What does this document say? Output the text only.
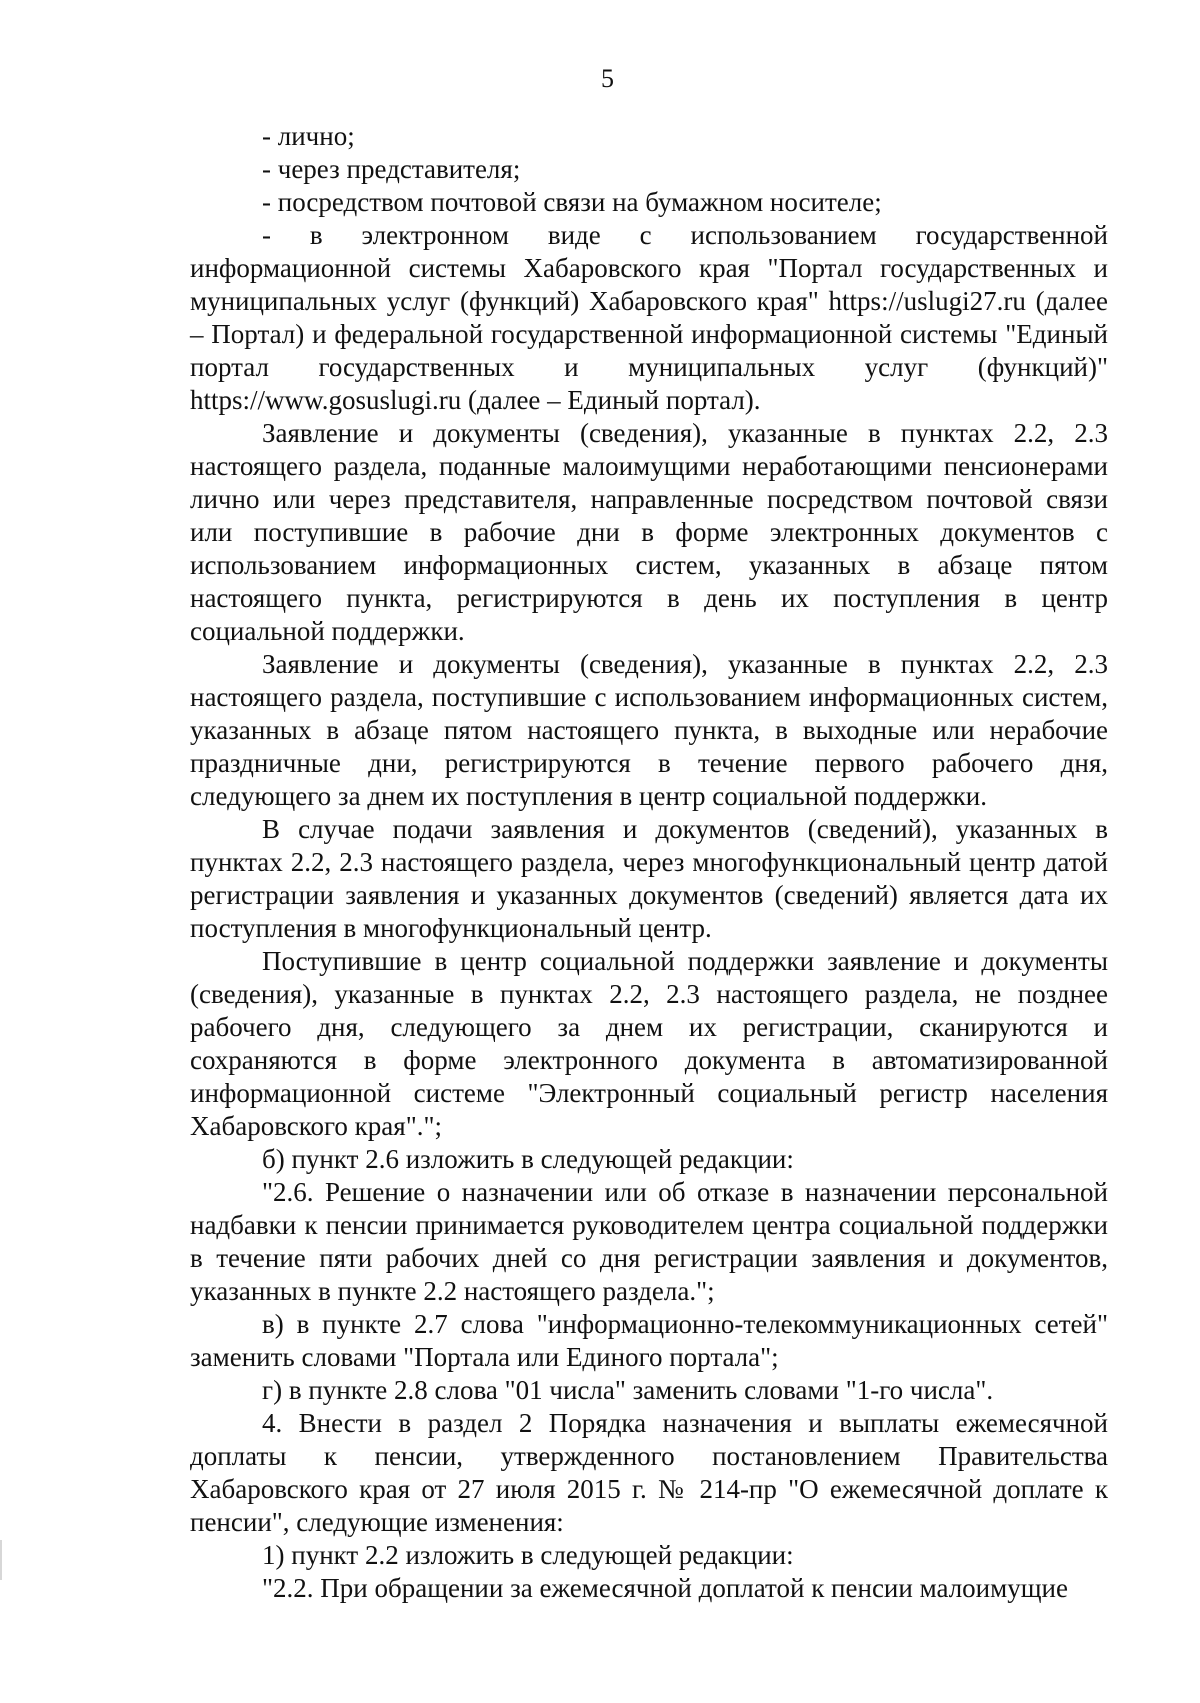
5

- лично;

- через представителя;

- посредством почтовой связи на бумажном носителе;

- в электронном виде с использованием государственной информационной системы Хабаровского края "Портал государственных и муниципальных услуг (функций) Хабаровского края" https://uslugi27.ru (далее – Портал) и федеральной государственной информационной системы "Единый портал государственных и муниципальных услуг (функций)" https://www.gosuslugi.ru (далее – Единый портал).

Заявление и документы (сведения), указанные в пунктах 2.2, 2.3 настоящего раздела, поданные малоимущими неработающими пенсионерами лично или через представителя, направленные посредством почтовой связи или поступившие в рабочие дни в форме электронных документов с использованием информационных систем, указанных в абзаце пятом настоящего пункта, регистрируются в день их поступления в центр социальной поддержки.

Заявление и документы (сведения), указанные в пунктах 2.2, 2.3 настоящего раздела, поступившие с использованием информационных систем, указанных в абзаце пятом настоящего пункта, в выходные или нерабочие праздничные дни, регистрируются в течение первого рабочего дня, следующего за днем их поступления в центр социальной поддержки.

В случае подачи заявления и документов (сведений), указанных в пунктах 2.2, 2.3 настоящего раздела, через многофункциональный центр датой регистрации заявления и указанных документов (сведений) является дата их поступления в многофункциональный центр.

Поступившие в центр социальной поддержки заявление и документы (сведения), указанные в пунктах 2.2, 2.3 настоящего раздела, не позднее рабочего дня, следующего за днем их регистрации, сканируются и сохраняются в форме электронного документа в автоматизированной информационной системе "Электронный социальный регистр населения Хабаровского края".";

б) пункт 2.6 изложить в следующей редакции:

"2.6. Решение о назначении или об отказе в назначении персональной надбавки к пенсии принимается руководителем центра социальной поддержки в течение пяти рабочих дней со дня регистрации заявления и документов, указанных в пункте 2.2 настоящего раздела.";

в) в пункте 2.7 слова "информационно-телекоммуникационных сетей" заменить словами "Портала или Единого портала";

г) в пункте 2.8 слова "01 числа" заменить словами "1-го числа".

4. Внести в раздел 2 Порядка назначения и выплаты ежемесячной доплаты к пенсии, утвержденного постановлением Правительства Хабаровского края от 27 июля 2015 г. № 214-пр "О ежемесячной доплате к пенсии", следующие изменения:

1) пункт 2.2 изложить в следующей редакции:

"2.2. При обращении за ежемесячной доплатой к пенсии малоимущие
